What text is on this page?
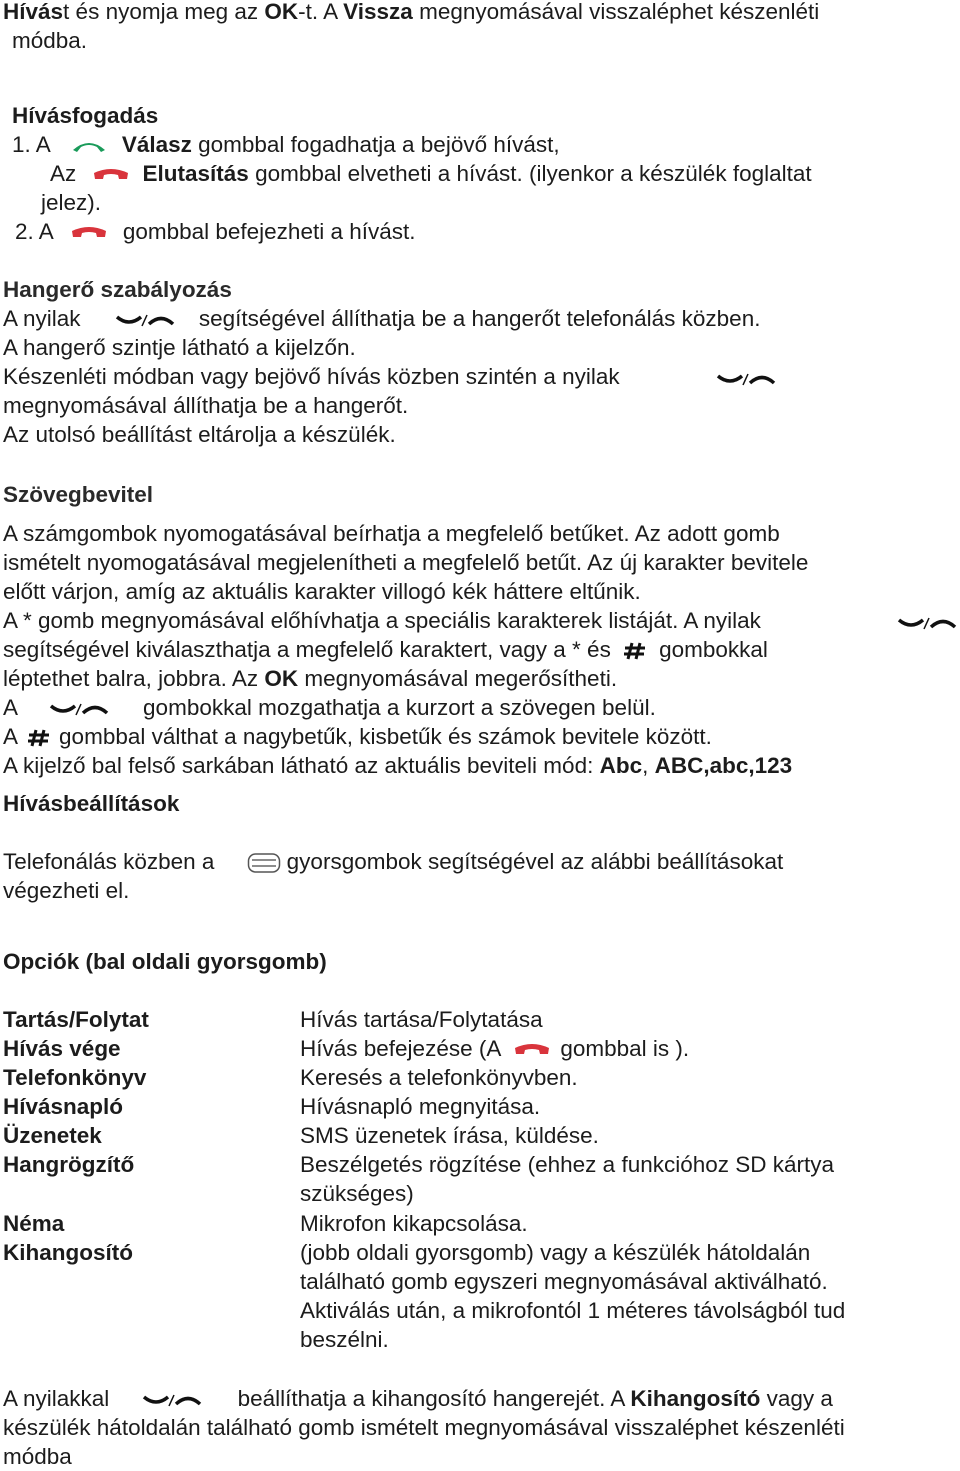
Hívást és nyomja meg az OK-t. A Vissza megnyomásával visszaléphet készenléti
módba.
Hívásfogadás
1. A	Válasz gombbal fogadhatja a bejövő hívást,
Az	Elutasítás gombbal elvetheti a hívást. (ilyenkor a készülék foglaltat
jelez).
2. A	gombbal befejezheti a hívást.
Hangerő szabályozás
A nyilak	segítségével állíthatja be a hangerőt telefonálás közben.
A hangerő szintje látható a kijelzőn.
Készenléti módban vagy bejövő hívás közben szintén a nyilak
megnyomásával állíthatja be a hangerőt.
Az utolsó beállítást eltárolja a készülék.
Szövegbevitel
A számgombok nyomogatásával beírhatja a megfelelő betűket. Az adott gomb
ismételt nyomogatásával megjelenítheti a megfelelő betűt. Az új karakter bevitele
előtt várjon, amíg az aktuális karakter villogó kék háttere eltűnik.
A * gomb megnyomásával előhívhatja a speciális karakterek listáját. A nyilak
segítségével kiválaszthatja a megfelelő karaktert, vagy a * és gombokkal
léptethet balra, jobbra. Az OK megnyomásával megerősítheti.
A	gombokkal mozgathatja a kurzort a szövegen belül.
A gombbal válthat a nagybetűk, kisbetűk és számok bevitele között.
A kijelző bal felső sarkában látható az aktuális beviteli mód: Abc, ABC,abc,123
Hívásbeállítások
Telefonálás közben a	gyorsgombok segítségével az alábbi beállításokat
végezheti el.
Opciók (bal oldali gyorsgomb)
Tartás/Folytat	Hívás tartása/Folytatása
Hívás vége	Hívás befejezése (A	gombbal is ).
Telefonkönyv	Keresés a telefonkönyvben.
Hívásnapló	Hívásnapló megnyitása.
Üzenetek	SMS üzenetek írása, küldése.
Hangrögzítő	Beszélgetés rögzítése (ehhez a funkcióhoz SD kártya
szükséges)
Néma	Mikrofon kikapcsolása.
Kihangosító	(jobb oldali gyorsgomb) vagy a készülék hátoldalán
található gomb egyszeri megnyomásával aktiválható.
Aktiválás után, a mikrofontól 1 méteres távolságból tud
beszélni.
A nyilakkal	beállíthatja a kihangosító hangerejét. A Kihangosító vagy a
készülék hátoldalán található gomb ismételt megnyomásával visszaléphet készenléti
módba
